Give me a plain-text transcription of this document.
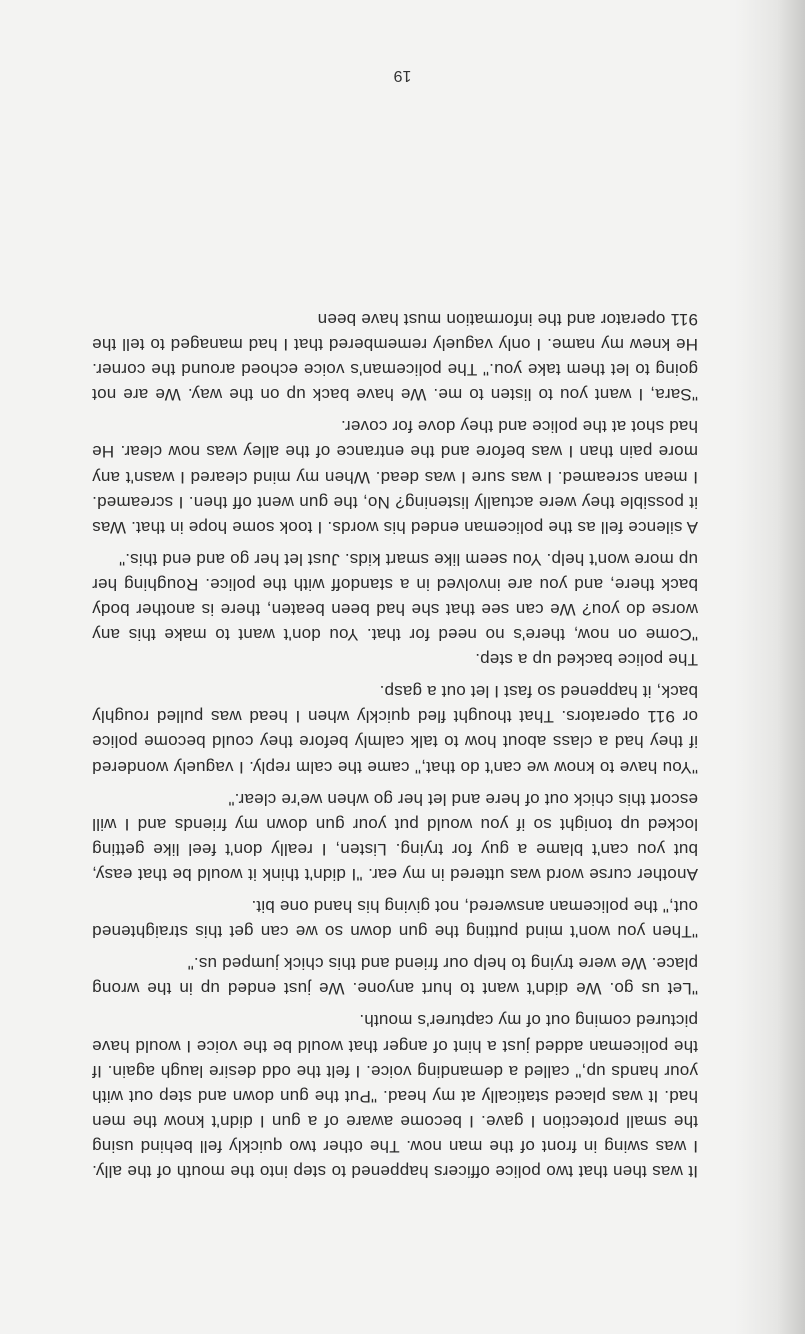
It was then that two police officers happened to step into the mouth of the ally. I was swing in front of the man now. The other two quickly fell behind using the small protection I gave. I become aware of a gun I didn't know the men had. It was placed statically at my head. "Put the gun down and step out with your hands up," called a demanding voice. I felt the odd desire laugh again. If the policeman added just a hint of anger that would be the voice I would have pictured coming out of my capturer's mouth.

"Let us go. We didn't want to hurt anyone. We just ended up in the wrong place. We were trying to help our friend and this chick jumped us."

"Then you won't mind putting the gun down so we can get this straightened out," the policeman answered, not giving his hand one bit.

Another curse word was uttered in my ear. "I didn't think it would be that easy, but you can't blame a guy for trying. Listen, I really don't feel like getting locked up tonight so if you would put your gun down my friends and I will escort this chick out of here and let her go when we're clear."

"You have to know we can't do that," came the calm reply. I vaguely wondered if they had a class about how to talk calmly before they could become police or 911 operators. That thought fled quickly when I head was pulled roughly back, it happened so fast I let out a gasp.

The police backed up a step.

"Come on now, there's no need for that. You don't want to make this any worse do you? We can see that she had been beaten, there is another body back there, and you are involved in a standoff with the police. Roughing her up more won't help. You seem like smart kids. Just let her go and end this."

A silence fell as the policeman ended his words. I took some hope in that. Was it possible they were actually listening? No, the gun went off then. I screamed. I mean screamed. I was sure I was dead. When my mind cleared I wasn't any more pain than I was before and the entrance of the alley was now clear. He had shot at the police and they dove for cover.

"Sara, I want you to listen to me. We have back up on the way. We are not going to let them take you." The policeman's voice echoed around the corner. He knew my name. I only vaguely remembered that I had managed to tell the 911 operator and the information must have been

19
